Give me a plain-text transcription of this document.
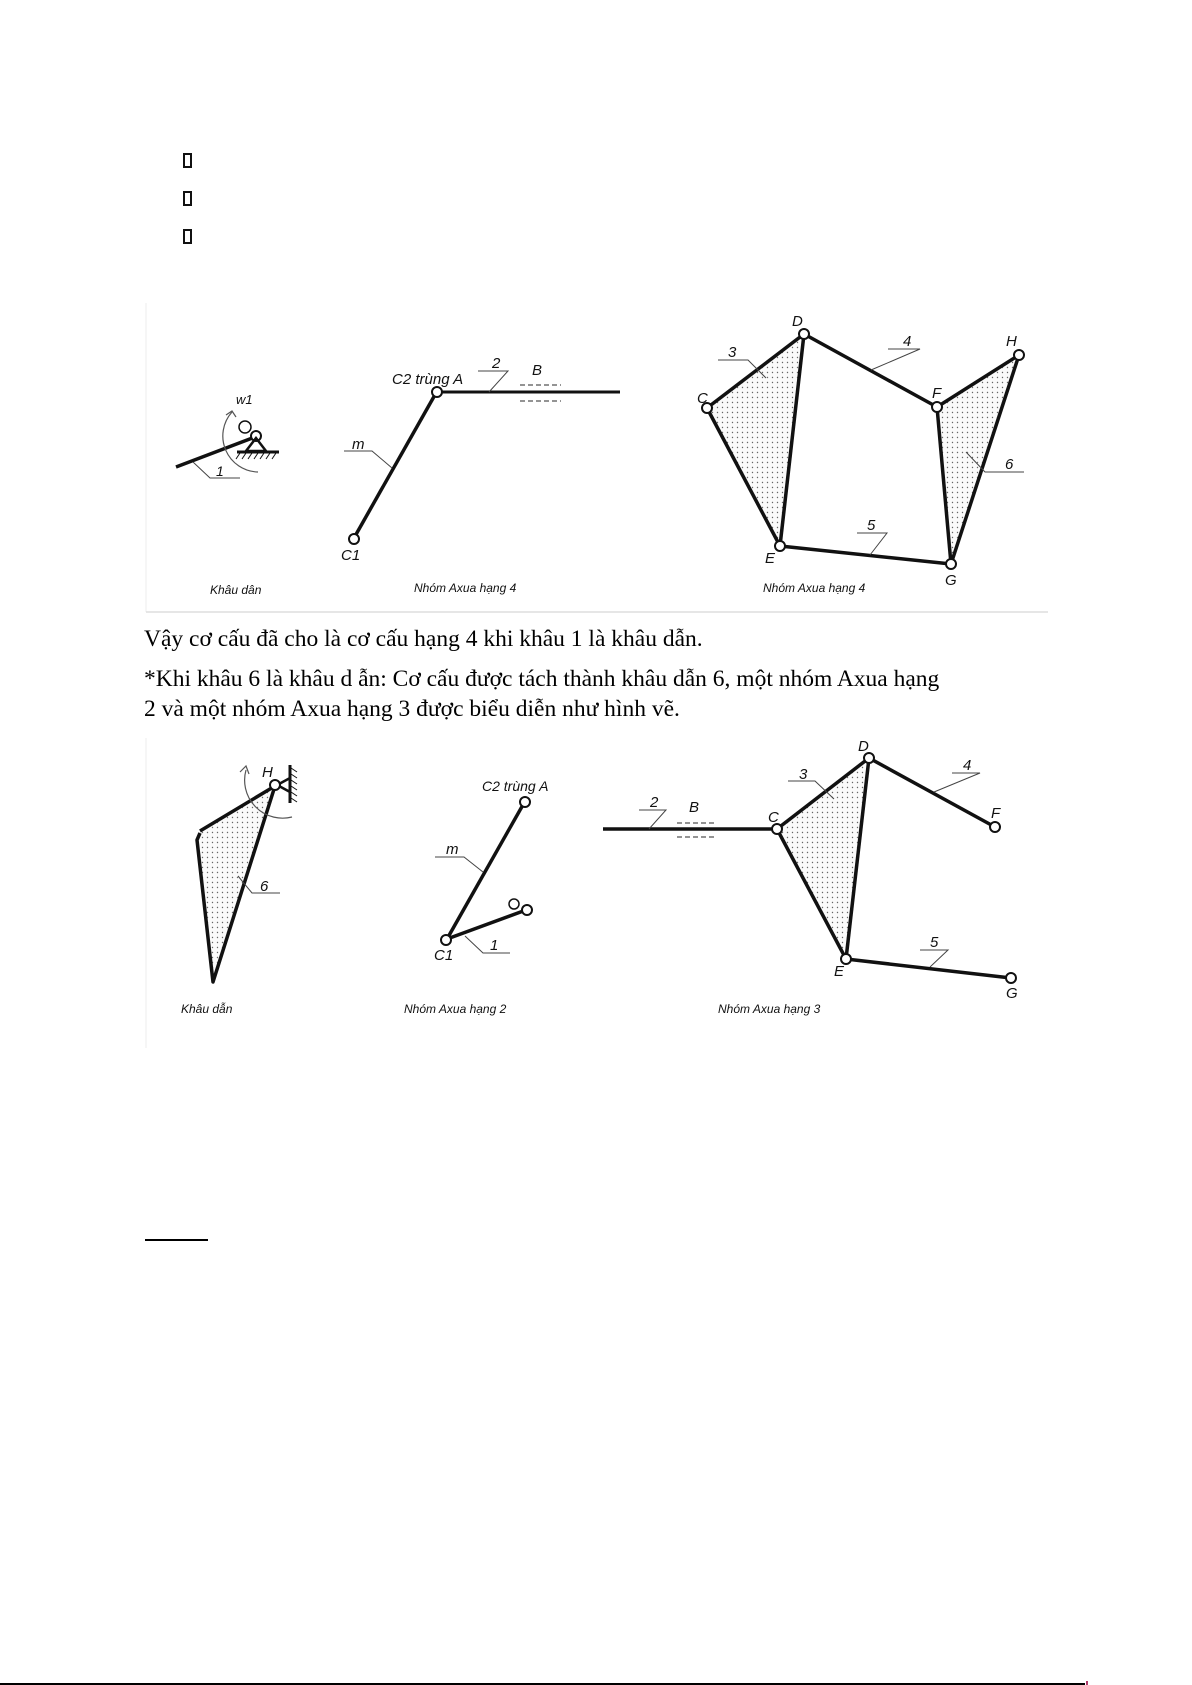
w1
1
C2 trùng A
2 B
m
C1
D
H
C	F
E
G
3
4
5
6
Khâu dân	Nhóm Axua hạng 4	Nhóm Axua hạng 4
Vậy cơ cấu đã cho là cơ cấu hạng 4 khi khâu 1 là khâu dẫn.
*Khi khâu 6 là khâu d ẫn: Cơ cấu được tách thành khâu dẫn 6, một nhóm Axua hạng
2 và một nhóm Axua hạng 3 được biểu diễn như hình vẽ.
H
6
C2 trùng A
m
C1
1
2 B
C
D
3
4
F
E
5
G
Khâu dẫn	Nhóm Axua hạng 2	Nhóm Axua hạng 3
